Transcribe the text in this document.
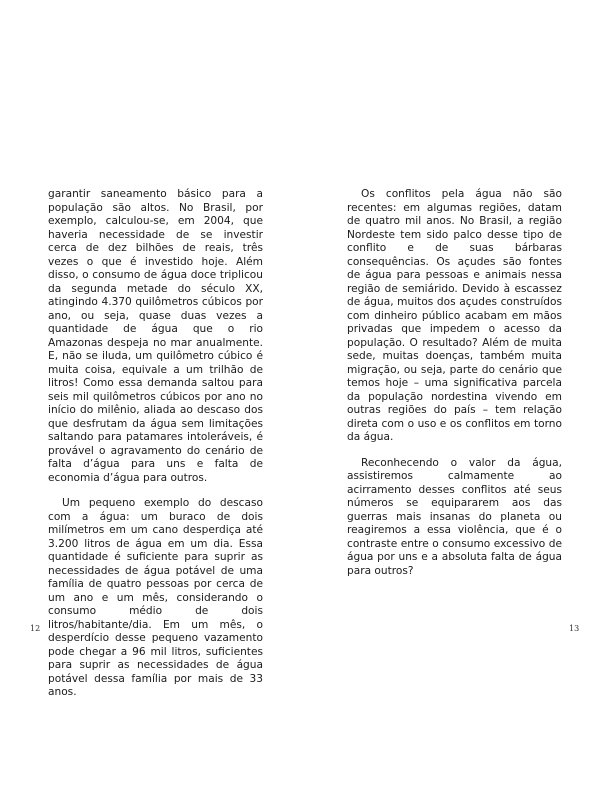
garantir saneamento básico para a população são altos. No Brasil, por exemplo, calculou-se, em 2004, que haveria necessidade de se investir cerca de dez bilhões de reais, três vezes o que é investido hoje. Além disso, o consumo de água doce triplicou da segunda metade do século XX, atingindo 4.370 quilômetros cúbicos por ano, ou seja, quase duas vezes a quantidade de água que o rio Amazonas despeja no mar anualmente. E, não se iluda, um quilômetro cúbico é muita coisa, equivale a um trilhão de litros! Como essa demanda saltou para seis mil quilômetros cúbicos por ano no início do milênio, aliada ao descaso dos que desfrutam da água sem limitações saltando para patamares intoleráveis, é provável o agravamento do cenário de falta d’água para uns e falta de economia d’água para outros.

Um pequeno exemplo do descaso com a água: um buraco de dois milímetros em um cano desperdiça até 3.200 litros de água em um dia. Essa quantidade é suficiente para suprir as necessidades de água potável de uma família de quatro pessoas por cerca de um ano e um mês, considerando o consumo médio de dois litros/habitante/dia. Em um mês, o desperdício desse pequeno vazamento pode chegar a 96 mil litros, suficientes para suprir as necessidades de água potável dessa família por mais de 33 anos.

Os conflitos pela água não são recentes: em algumas regiões, datam de quatro mil anos. No Brasil, a região Nordeste tem sido palco desse tipo de conflito e de suas bárbaras consequências. Os açudes são fontes de água para pessoas e animais nessa região de semiárido. Devido à escassez de água, muitos dos açudes construídos com dinheiro público acabam em mãos privadas que impedem o acesso da população. O resultado? Além de muita sede, muitas doenças, também muita migração, ou seja, parte do cenário que temos hoje – uma significativa parcela da população nordestina vivendo em outras regiões do país – tem relação direta com o uso e os conflitos em torno da água.

Reconhecendo o valor da água, assistiremos calmamente ao acirramento desses conflitos até seus números se equipararem aos das guerras mais insanas do planeta ou reagiremos a essa violência, que é o contraste entre o consumo excessivo de água por uns e a absoluta falta de água para outros?

12	13
